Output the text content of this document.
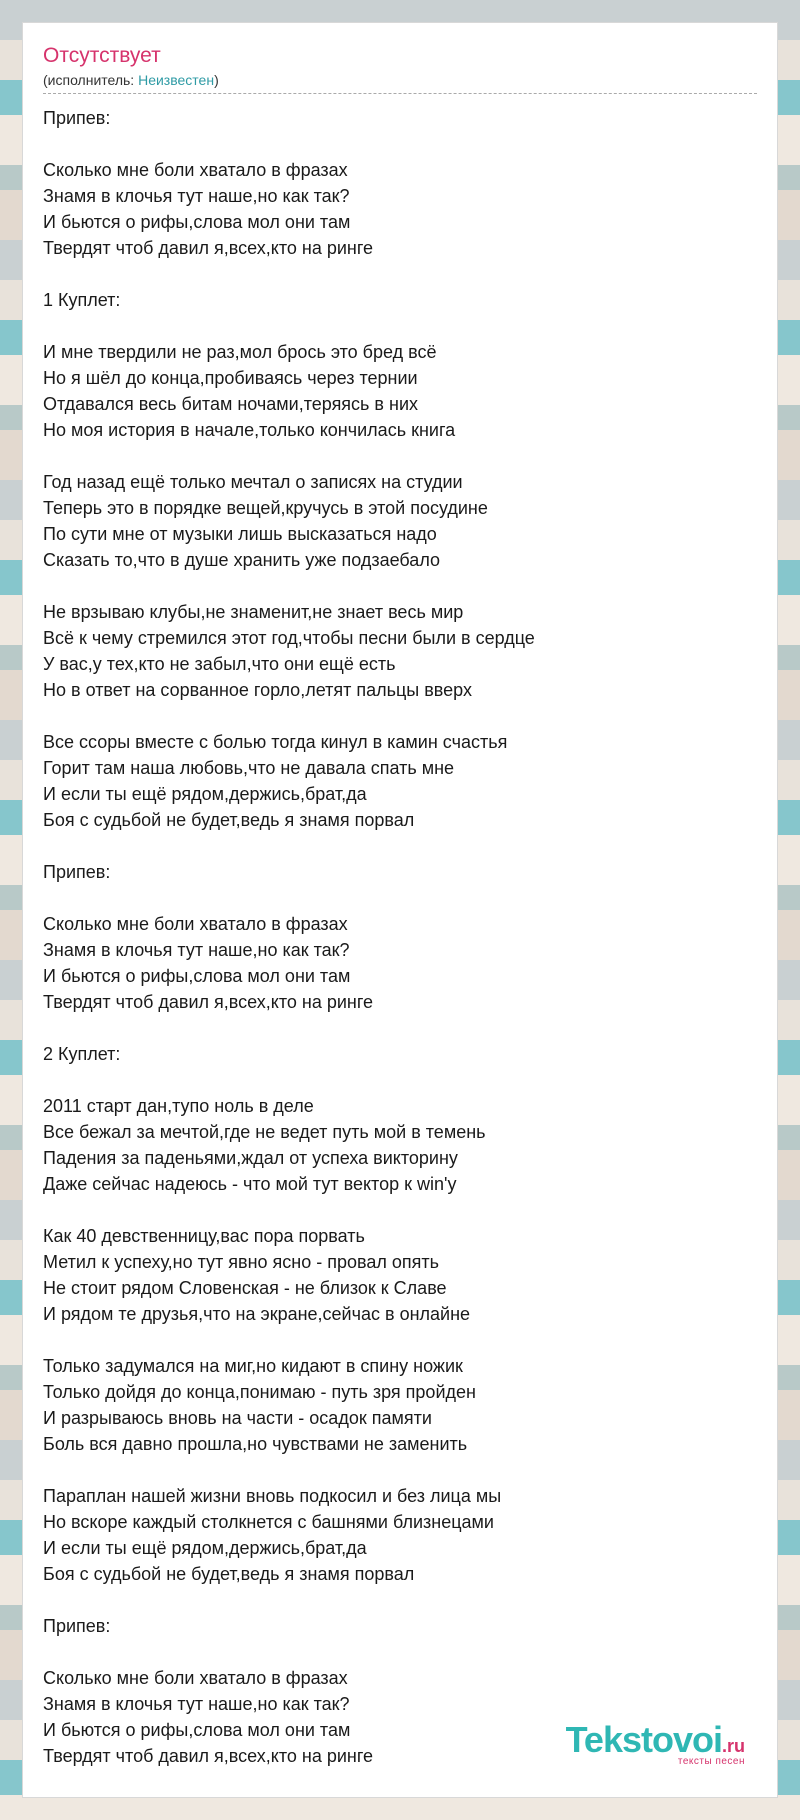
Отсутствует
(исполнитель: Неизвестен)
Припев:
Сколько мне боли хватало в фразах
Знамя в клочья тут наше,но как так?
И бьются о рифы,слова мол они там
Твердят чтоб давил я,всех,кто на ринге
1 Куплет:
И мне твердили не раз,мол брось это бред всё
Но я шёл до конца,пробиваясь через тернии
Отдавался весь битам ночами,теряясь в них
Но моя история в начале,только кончилась книга
Год назад ещё только мечтал о записях на студии
Теперь это в порядке вещей,кручусь в этой посудине
По сути мне от музыки лишь высказаться надо
Сказать то,что в душе хранить уже подзаебало
Не врзываю клубы,не знаменит,не знает весь мир
Всё к чему стремился этот год,чтобы песни были в сердце
У вас,у тех,кто не забыл,что они ещё есть
Но в ответ на сорванное горло,летят пальцы вверх
Все ссоры вместе с болью тогда кинул в камин счастья
Горит там наша любовь,что не давала спать мне
И если ты ещё рядом,держись,брат,да
Боя с судьбой не будет,ведь я знамя порвал
Припев:
Сколько мне боли хватало в фразах
Знамя в клочья тут наше,но как так?
И бьются о рифы,слова мол они там
Твердят чтоб давил я,всех,кто на ринге
2 Куплет:
2011 старт дан,тупо ноль в деле
Все бежал за мечтой,где не ведет путь мой в темень
Падения за паденьями,ждал от успеха викторину
Даже сейчас надеюсь - что мой тут вектор к win'у
Как 40 девственницу,вас пора порвать
Метил к успеху,но тут явно ясно - провал опять
Не стоит рядом Словенская - не близок к Славе
И рядом те друзья,что на экране,сейчас в онлайне
Только задумался на миг,но кидают в спину ножик
Только дойдя до конца,понимаю - путь зря пройден
И разрываюсь вновь на части - осадок памяти
Боль вся давно прошла,но чувствами не заменить
Параплан нашей жизни вновь подкосил и без лица мы
Но вскоре каждый столкнется с башнями близнецами
И если ты ещё рядом,держись,брат,да
Боя с судьбой не будет,ведь я знамя порвал
Припев:
Сколько мне боли хватало в фразах
Знамя в клочья тут наше,но как так?
И бьются о рифы,слова мол они там
Твердят чтоб давил я,всех,кто на ринге	Tekstovoi.ru
тексты песен
